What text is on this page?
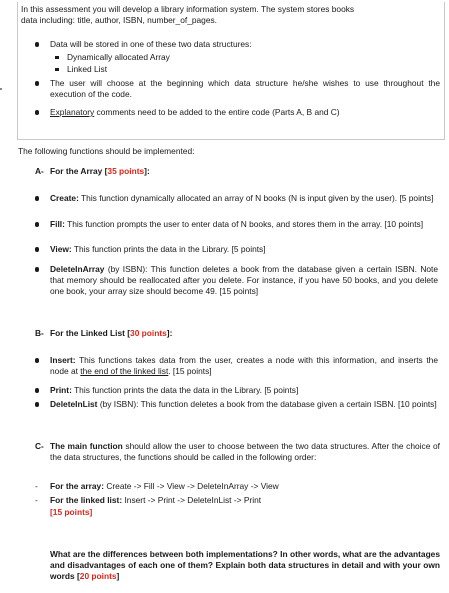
In this assessment you will develop a library information system. The system stores books
data including: title, author, ISBN, number_of_pages.
Data will be stored in one of these two data structures:
Dynamically allocated Array
Linked List
The user will choose at the beginning which data structure he/she wishes to use throughout the execution of the code.
Explanatory comments need to be added to the entire code (Parts A, B and C)
The following functions should be implemented:
A- For the Array [35 points]:
Create: This function dynamically allocated an array of N books (N is input given by the user). [5 points]
Fill: This function prompts the user to enter data of N books, and stores them in the array. [10 points]
View: This function prints the data in the Library. [5 points]
DeleteInArray (by ISBN): This function deletes a book from the database given a certain ISBN. Note that memory should be reallocated after you delete. For instance, if you have 50 books, and you delete one book, your array size should become 49. [15 points]
B- For the Linked List [30 points]:
Insert: This functions takes data from the user, creates a node with this information, and inserts the node at the end of the linked list. [15 points]
Print: This function prints the data the data in the Library. [5 points]
DeleteInList (by ISBN): This function deletes a book from the database given a certain ISBN. [10 points]
C- The main function should allow the user to choose between the two data structures. After the choice of the data structures, the functions should be called in the following order:
- For the array: Create -> Fill -> View -> DeleteInArray -> View
- For the linked list: Insert -> Print -> DeleteInList -> Print
[15 points]
What are the differences between both implementations? In other words, what are the advantages and disadvantages of each one of them? Explain both data structures in detail and with your own words [20 points]
